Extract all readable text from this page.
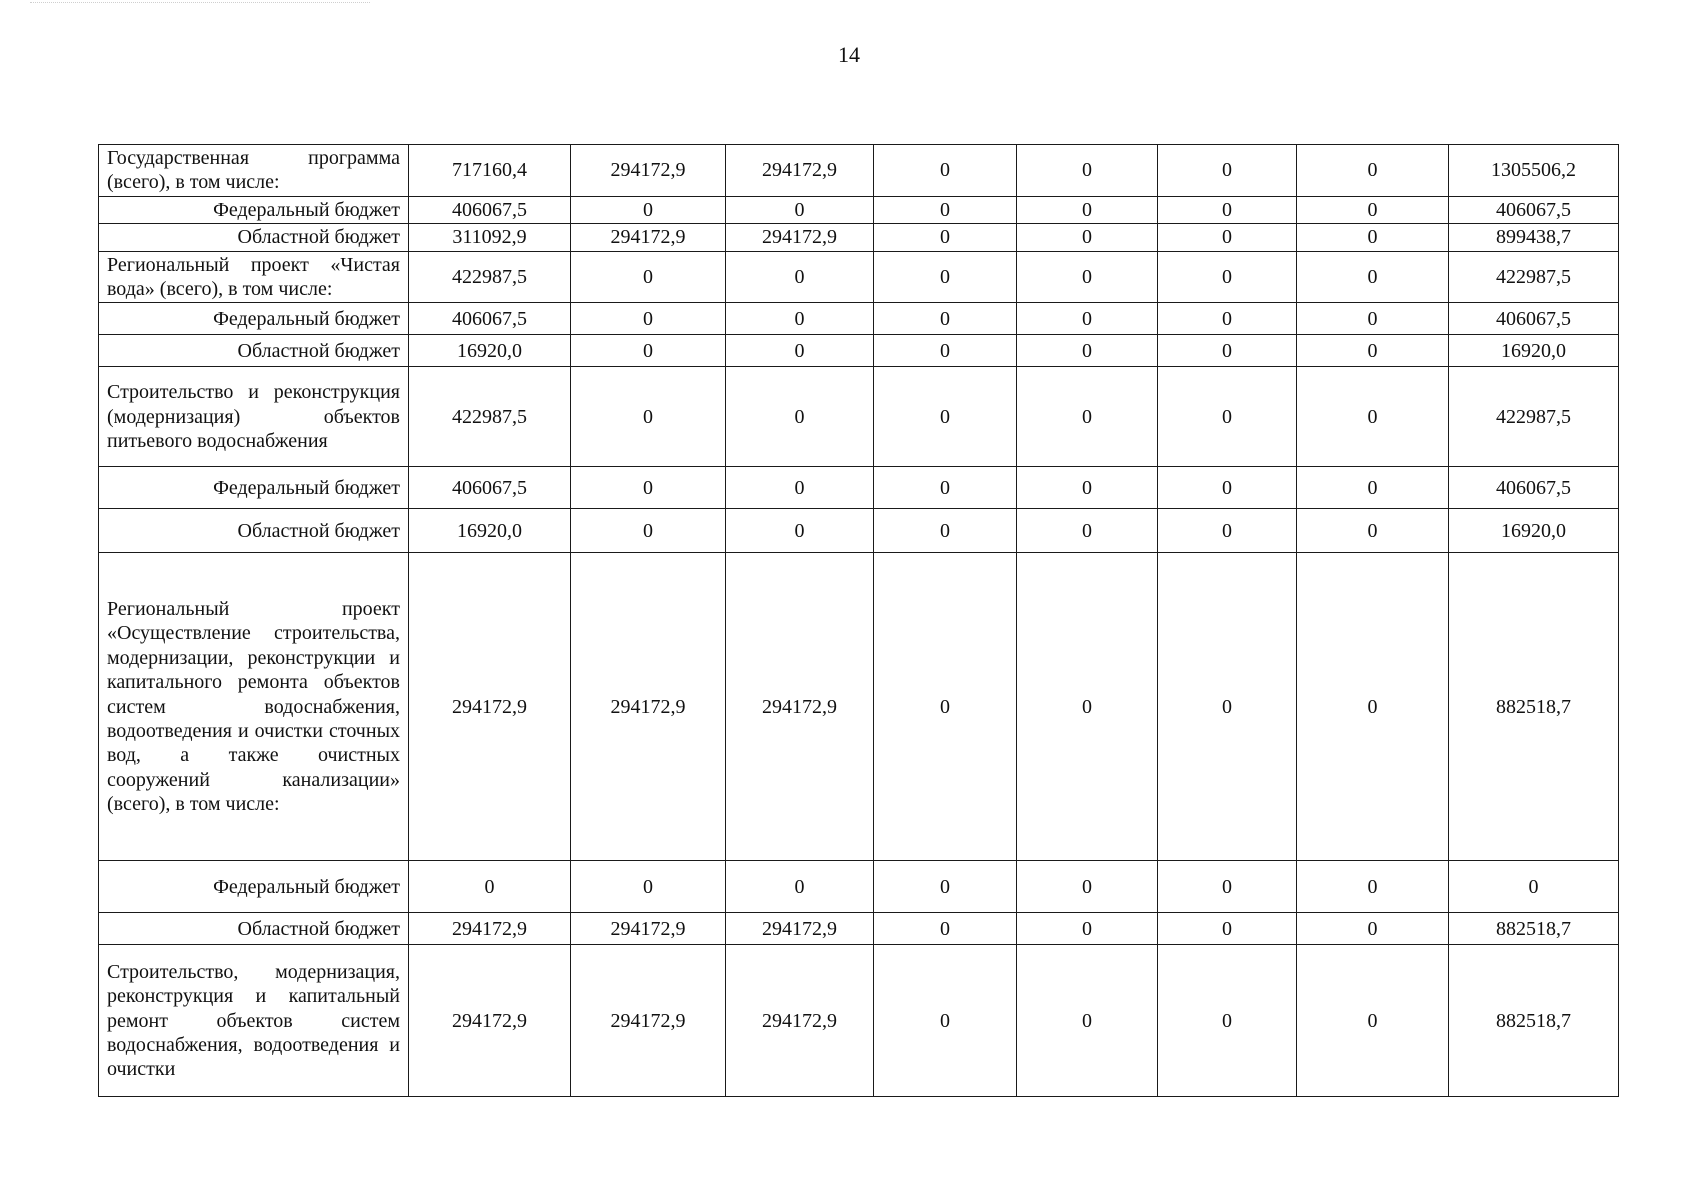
14
Государственная программа (всего), в том числе:	717160,4	294172,9	294172,9	0	0	0	0	1305506,2
Федеральный бюджет	406067,5	0	0	0	0	0	0	406067,5
Областной бюджет	311092,9	294172,9	294172,9	0	0	0	0	899438,7
Региональный проект «Чистая вода» (всего), в том числе:	422987,5	0	0	0	0	0	0	422987,5
Федеральный бюджет	406067,5	0	0	0	0	0	0	406067,5
Областной бюджет	16920,0	0	0	0	0	0	0	16920,0
Строительство и реконструкция (модернизация) объектов питьевого водоснабжения	422987,5	0	0	0	0	0	0	422987,5
Федеральный бюджет	406067,5	0	0	0	0	0	0	406067,5
Областной бюджет	16920,0	0	0	0	0	0	0	16920,0
Региональный проект «Осуществление строительства, модернизации, реконструкции и капитального ремонта объектов систем водоснабжения, водоотведения и очистки сточных вод, а также очистных сооружений канализации» (всего), в том числе:	294172,9	294172,9	294172,9	0	0	0	0	882518,7
Федеральный бюджет	0	0	0	0	0	0	0	0
Областной бюджет	294172,9	294172,9	294172,9	0	0	0	0	882518,7
Строительство, модернизация, реконструкция и капитальный ремонт объектов систем водоснабжения, водоотведения и очистки	294172,9	294172,9	294172,9	0	0	0	0	882518,7
